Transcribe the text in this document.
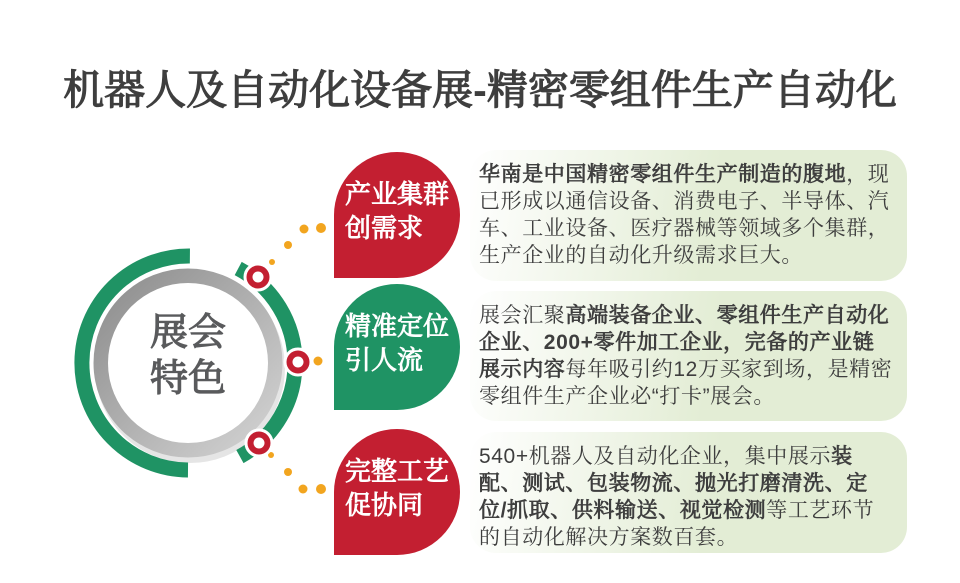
机器人及自动化设备展-精密零组件生产自动化
展会
特色
产业集群
创需求
华南是中国精密零组件生产制造的腹地，现已形成以通信设备、消费电子、半导体、汽车、工业设备、医疗器械等领域多个集群，生产企业的自动化升级需求巨大。
精准定位
引人流
展会汇聚高端装备企业、零组件生产自动化企业、200+零件加工企业，完备的产业链展示内容每年吸引约12万买家到场，是精密零组件生产企业必“打卡”展会。
完整工艺
促协同
540+机器人及自动化企业，集中展示装配、测试、包装物流、抛光打磨清洗、定位/抓取、供料输送、视觉检测等工艺环节的自动化解决方案数百套。
